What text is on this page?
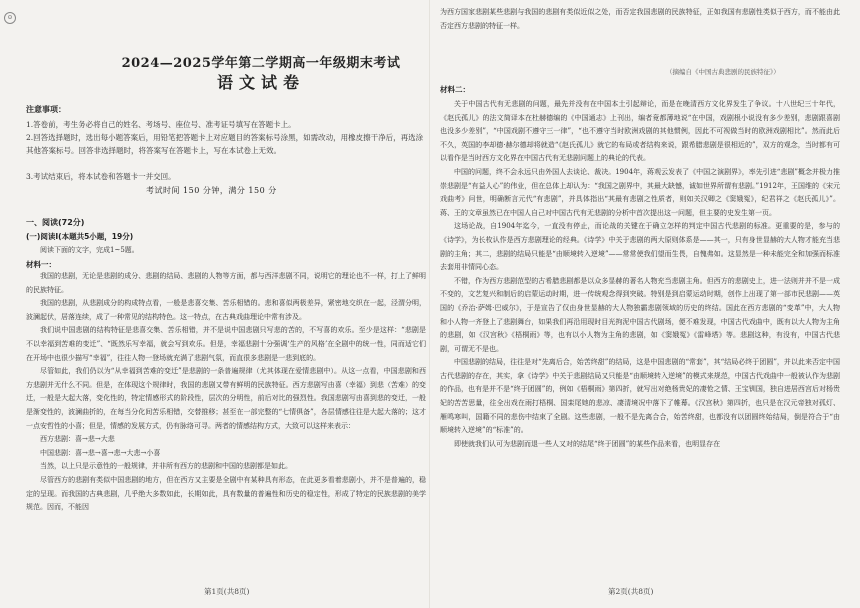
⊙
2024—2025学年第二学期高一年级期末考试
语文试卷
注意事项：
1.答卷前，考生务必将自己的姓名、考场号、座位号、准考证号填写在答题卡上。
2.回答选择题时，选出每小题答案后，用铅笔把答题卡上对应题目的答案标号涂黑，如需改动，用橡皮擦干净后，再选涂其他答案标号。回答非选择题时，将答案写在答题卡上，写在本试卷上无效。
3.考试结束后，将本试卷和答题卡一并交回。
考试时间 150 分钟，满分 150 分
一、阅读(72分)
(一)阅读Ⅰ(本题共5小题，19分)
阅读下面的文字，完成1~5题。
材料一：

我国的悲剧，无论是悲剧的成分、悲剧的结局、悲剧的人物等方面，都与西洋悲剧不同，说明它的理论也不一样，打上了鲜明的民族特征。

我国的悲剧，从悲剧成分的构成特点看，一般是悲喜交集、苦乐相错的。悲和喜似两极差异，紧密地交织在一起，泾渭分明，波澜起伏，居落连续，成了一种常见的结构特色。这一特点，在古典戏曲理论中常有涉及。

我们说中国悲剧的结构特征是悲喜交集、苦乐相错，并不是说中国悲剧只写悲的苦的，不写喜的欢乐。至少是这样：“悲剧是不以幸福到苦难的变迁”、“既然乐写幸福，就会写到欢乐。但是，幸福悲剧十分强调‘生产的风格’在全剧中的统一性，同而适它们在开场中也很少描写“幸福”，往往人物一登场就充满了悲剧气氛，而直很多悲剧是一悲到底的。

尽管如此，我们仍以为“从幸福到苦难的变迁”是悲剧的一条普遍规律（尤其体现在爱情悲剧中）。从这一点看，中国悲剧和西方悲剧并无什么不同。但是，在体现这个规律时，我国的悲剧又带有鲜明的民族特征。西方悲剧写由喜（幸福）到悲（苦难）的变迁，一般是大起大落，变化性的，特定情感形式的阶段性，层次的分明性，前后对比的强烈性。我国悲剧写由喜到悲的变迁，一般是渐变性的，波澜曲折的，在每当分化间苦乐相错，交替推移；甚至在一部完整的“七情俱备”，各层情感往往是大起大落的；这才一点安哲性的小喜；但是，情感的发展方式，仍有脉络可寻。两者的情感结构方式，大致可以这样来表示：

西方悲剧：喜→悲→大悲

中国悲剧：喜→悲→喜→悲→大悲→小喜

当然，以上只是示意性的一般规律，并非所有西方的悲剧和中国的悲剧都是如此。

尽管西方的悲剧有类似中国悲剧的地方，但在西方又主要是全剧中有某种具有形态，在此更多看着悲剧小，并不是普遍的，稳定的呈现。而我国的古典悲剧，几乎绝大多数如此，长期如此，具有数量的普遍性和历史的稳定性，形成了特定的民族悲剧的美学规范。因而，不能因

第1页(共8页)

为西方国家悲剧某些悲剧与我国的悲剧有类似近似之处，而否定我国悲剧的民族特征，正如我国有悲剧性类似于西方，而不能由此否定西方悲剧的特征一样。

（摘编自《中国古典悲剧的民族特征》）
材料二：

关于中国古代有无悲剧的问题，最先并没有在中国本土引起辩论，而是在晚清西方文化界发生了争议。十八世纪三十年代，《赵氏孤儿》的法文简译本在杜赫德编的《中国通志》上刊出，编者竟都薄地说“在中国，戏剧根小说没有多少差别，悲剧跟喜剧也没多少差别”，“中国戏剧不遵守三一律”，“也不遵守当时欧洲戏剧的其他惯例，因此不可视做当时的欧洲戏剧相比”。然而此后不久，英国的李却德·赫尔德却将就造“《赵氏孤儿》就它的布局或者结构来说，跟希腊悲剧是很相近的”，双方的观念，当时都有可以看作是当时西方文化界在中国古代有无悲剧问题上的典论的代表。

中国的问题，终不会永远只由外国人去谈论、裁决。1904年，蒋观云发表了《中国之演剧界》，率先引进“悲剧”概念并极力推崇悲剧是“有益人心”的伟业，但在总体上却认为：“我国之剧界中，其最大缺憾，诚如世界所谓有悲剧。”1912年，王国维的《宋元戏曲考》问世，明确断言元代“有悲剧”，并具体指出“其最有悲剧之性质者，则如关汉卿之《窦娥冤》，纪君祥之《赵氏孤儿》”。蒋、王的文章虽然已在中国人自己对中国古代有无悲剧的分析中首次提出这一问题，但主要的史发生第一页。

这场论战，自1904年迄今，一直没有停止，而论战的关键在于确立怎样的判定中国古代悲剧的标准。更重要的是，参与的《诗学》，为长枚认作是西方悲剧理论的经典。《诗学》中关于悲剧的两大原则体系是——其一，只有身世显赫的大人物才能充当悲剧的主角；其二，悲剧的结局只能是“由顺境转入逆境”——常常使我们望而生畏，自愧弗如。这显然是一种未能完全和加强而标准去套用非情同心态。

不错，作为西方悲剧范型的古希腊悲剧都是以众多显赫的著名人物充当悲剧主角。但西方的悲剧史上，进一法则并并不是一成不变的，文艺复兴和制后的启蒙运动时期，进一传统观念得到突破。特别是到启蒙运动时期，创作上出现了第一部市民悲剧——英国的《乔治·萨姆·巴威尔》，于是宣告了仅由身世显赫的大人物独霸悲剧领域的历史的终结。国此在西方悲剧的“变革”中，大人物和小人物一齐登上了悲剧舞台，如果我们再沿用现时目光拘泥中国古代剧场，便不难发现，中国古代戏曲中，既有以大人物为主角的悲剧，如《汉宫秋》《梧桐雨》等，也有以小人物为主角的悲剧，如《窦娥冤》《雷峰塔》等。悲剧这种，有没有，中国古代悲剧，可谓无不是也。

中国悲剧的结局，往往是对“先离后合，始苦终甜”的结局，这是中国悲剧的“常套”，其“结局必终于团圆”，并以此来否定中国古代悲剧的存在，其实，拿《诗学》中关于悲剧结局又只能是“由顺境转入逆境”的模式来规范，中国古代戏曲中一般被认作为悲剧的作品，也有是并不是“终于团圆”的，例如《梧桐雨》第四折，就写出对绝杨贵妃的凄怆之情、王宝钏国，独自进居西宫后对杨贵妃的苦苦思量，往全出戏在雨打梧桐、国栾尾她的悲凉、凄清境况中落下了帷幕。《汉宫秋》第四折，也只是在汉元帝独对孤灯、雁鸣寒叫，国籍不同的悲伤中结束了全剧。这些悲剧，一般不是先离合合，始苦终甜，也都没有以团圆终始结局，倒是符合于“由顺境转入逆境”的“标准”的。

即使就我们认可为悲剧而退一些人又对的结尾“终于团圆”的某些作品来看，也明显存在

第2页(共8页)
